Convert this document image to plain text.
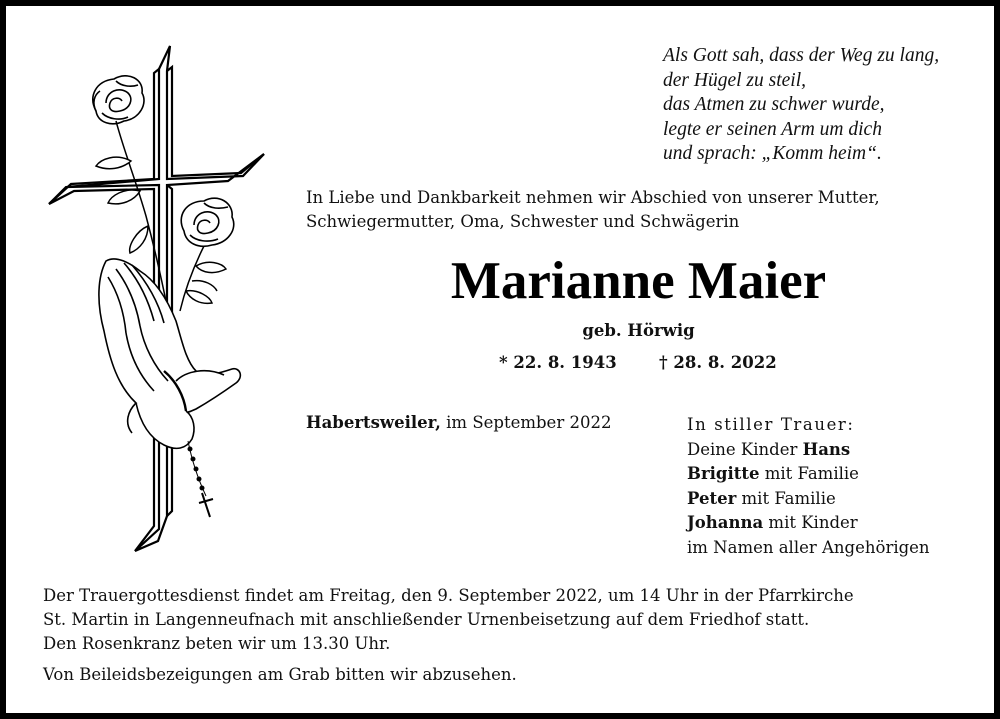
Als Gott sah, dass der Weg zu lang,
der Hügel zu steil,
das Atmen zu schwer wurde,
legte er seinen Arm um dich
und sprach: „Komm heim“.
In Liebe und Dankbarkeit nehmen wir Abschied von unserer Mutter,
Schwiegermutter, Oma, Schwester und Schwägerin
Marianne Maier
geb. Hörwig
* 22. 8. 1943	† 28. 8. 2022
Habertsweiler, im September 2022	In stiller Trauer:
Deine Kinder Hans
Brigitte mit Familie
Peter mit Familie
Johanna mit Kinder
im Namen aller Angehörigen
Der Trauergottesdienst findet am Freitag, den 9. September 2022, um 14 Uhr in der Pfarrkirche
St. Martin in Langenneufnach mit anschließender Urnenbeisetzung auf dem Friedhof statt.
Den Rosenkranz beten wir um 13.30 Uhr.
Von Beileidsbezeigungen am Grab bitten wir abzusehen.
